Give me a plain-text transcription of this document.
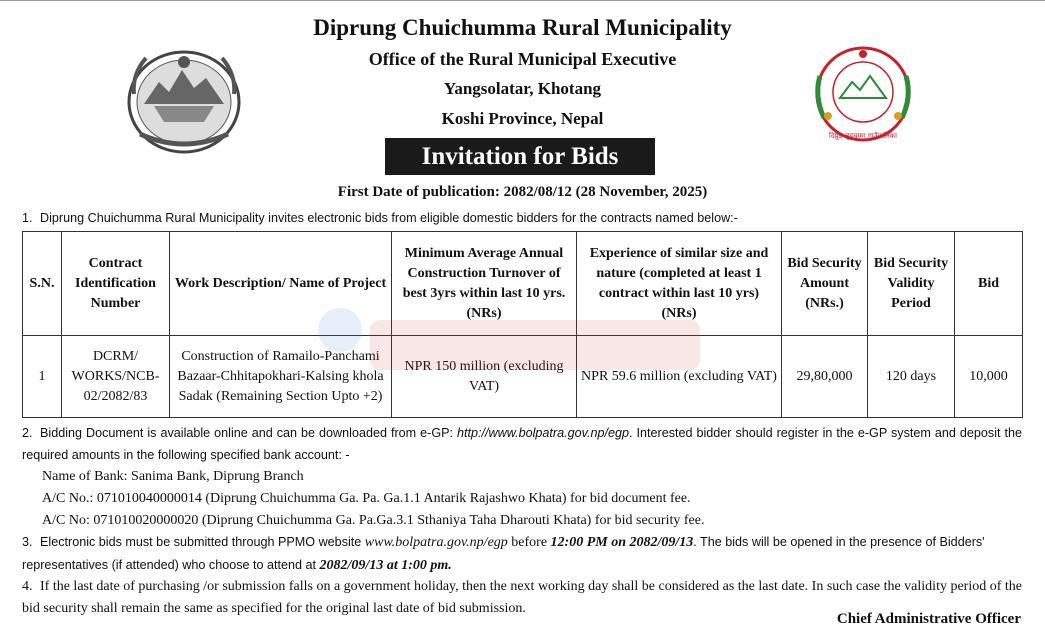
दिप्रुङ चुइचुम्मा गाउँपालिका
Diprung Chuichumma Rural Municipality
Office of the Rural Municipal Executive
Yangsolatar, Khotang
Koshi Province, Nepal
Invitation for Bids
First Date of publication: 2082/08/12 (28 November, 2025)
1. Diprung Chuichumma Rural Municipality invites electronic bids from eligible domestic bidders for the contracts named below:-
S.N.	Contract Identification Number	Work Description/ Name of Project	Minimum Average Annual Construction Turnover of best 3yrs within last 10 yrs. (NRs)	Experience of similar size and nature (completed at least 1 contract within last 10 yrs) (NRs)	Bid Security Amount (NRs.)	Bid Security Validity Period	Bid
1	DCRM/ WORKS/NCB-02/2082/83	Construction of Ramailo-Panchami Bazaar-Chhitapokhari-Kalsing khola Sadak (Remaining Section Upto +2)	NPR 150 million (excluding VAT)	NPR 59.6 million (excluding VAT)	29,80,000	120 days	10,000
2. Bidding Document is available online and can be downloaded from e-GP: http://www.bolpatra.gov.np/egp. Interested bidder should register in the e-GP system and deposit the required amounts in the following specified bank account: -
Name of Bank: Sanima Bank, Diprung Branch
A/C No.: 071010040000014 (Diprung Chuichumma Ga. Pa. Ga.1.1 Antarik Rajashwo Khata) for bid document fee.
A/C No: 071010020000020 (Diprung Chuichumma Ga. Pa.Ga.3.1 Sthaniya Taha Dharouti Khata) for bid security fee.
3. Electronic bids must be submitted through PPMO website www.bolpatra.gov.np/egp before 12:00 PM on 2082/09/13. The bids will be opened in the presence of Bidders' representatives (if attended) who choose to attend at 2082/09/13 at 1:00 pm.
4. If the last date of purchasing /or submission falls on a government holiday, then the next working day shall be considered as the last date. In such case the validity period of the bid security shall remain the same as specified for the original last date of bid submission.
Chief Administrative Officer
